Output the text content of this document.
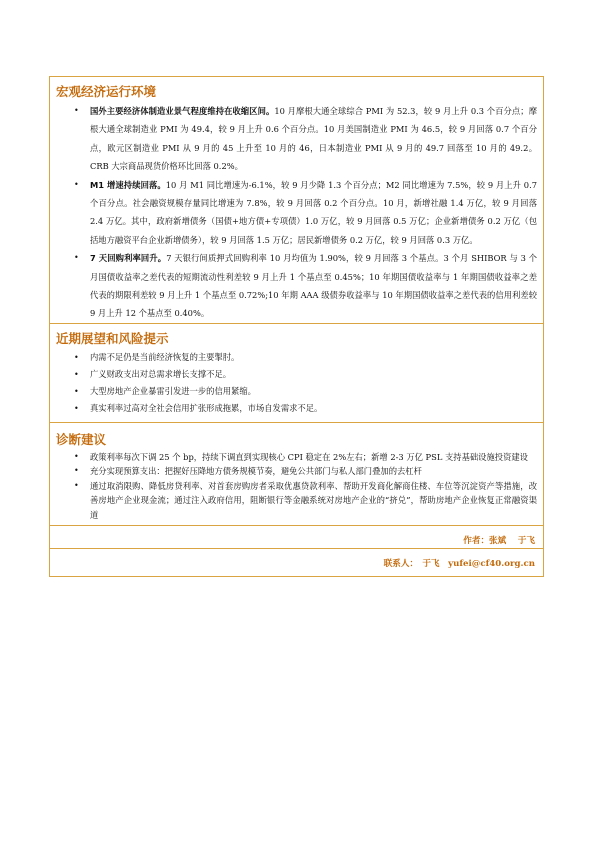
宏观经济运行环境
• 国外主要经济体制造业景气程度维持在收缩区间。10 月摩根大通全球综合 PMI 为 52.3，较 9 月上升 0.3 个百分点；摩根大通全球制造业 PMI 为 49.4，较 9 月上升 0.6 个百分点。10 月美国制造业 PMI 为 46.5，较 9 月回落 0.7 个百分点，欧元区制造业 PMI 从 9 月的 45 上升至 10 月的 46，日本制造业 PMI 从 9 月的 49.7 回落至 10 月的 49.2。CRB 大宗商品现货价格环比回落 0.2%。
• M1 增速持续回落。10 月 M1 同比增速为-6.1%，较 9 月少降 1.3 个百分点；M2 同比增速为 7.5%，较 9 月上升 0.7 个百分点。社会融资规模存量同比增速为 7.8%，较 9 月回落 0.2 个百分点。10 月，新增社融 1.4 万亿，较 9 月回落 2.4 万亿。其中，政府新增债务（国债+地方债+专项债）1.0 万亿，较 9 月回落 0.5 万亿；企业新增债务 0.2 万亿（包括地方融资平台企业新增债务），较 9 月回落 1.5 万亿；居民新增债务 0.2 万亿，较 9 月回落 0.3 万亿。
• 7 天回购利率回升。7 天银行间质押式回购利率 10 月均值为 1.90%，较 9 月回落 3 个基点。3 个月 SHIBOR 与 3 个月国债收益率之差代表的短期流动性利差较 9 月上升 1 个基点至 0.45%；10 年期国债收益率与 1 年期国债收益率之差代表的期限利差较 9 月上升 1 个基点至 0.72%;10 年期 AAA 级债券收益率与 10 年期国债收益率之差代表的信用利差较 9 月上升 12 个基点至 0.40%。
近期展望和风险提示
• 内需不足仍是当前经济恢复的主要掣肘。
• 广义财政支出对总需求增长支撑不足。
• 大型房地产企业暴雷引发进一步的信用紧缩。
• 真实利率过高对全社会信用扩张形成拖累，市场自发需求不足。
诊断建议
• 政策利率每次下调 25 个 bp，持续下调直到实现核心 CPI 稳定在 2%左右；新增 2-3 万亿 PSL 支持基础设施投资建设
• 充分实现预算支出：把握好压降地方债务规模节奏，避免公共部门与私人部门叠加的去杠杆
• 通过取消限购、降低房贷利率、对首套房购房者采取优惠贷款利率、帮助开发商化解商住楼、车位等沉淀资产等措施，改善房地产企业现金流；通过注入政府信用，阻断银行等金融系统对房地产企业的“挤兑”，帮助房地产企业恢复正常融资渠道
作者：张斌　 于飞
联系人：　于飞　yufei@cf40.org.cn
